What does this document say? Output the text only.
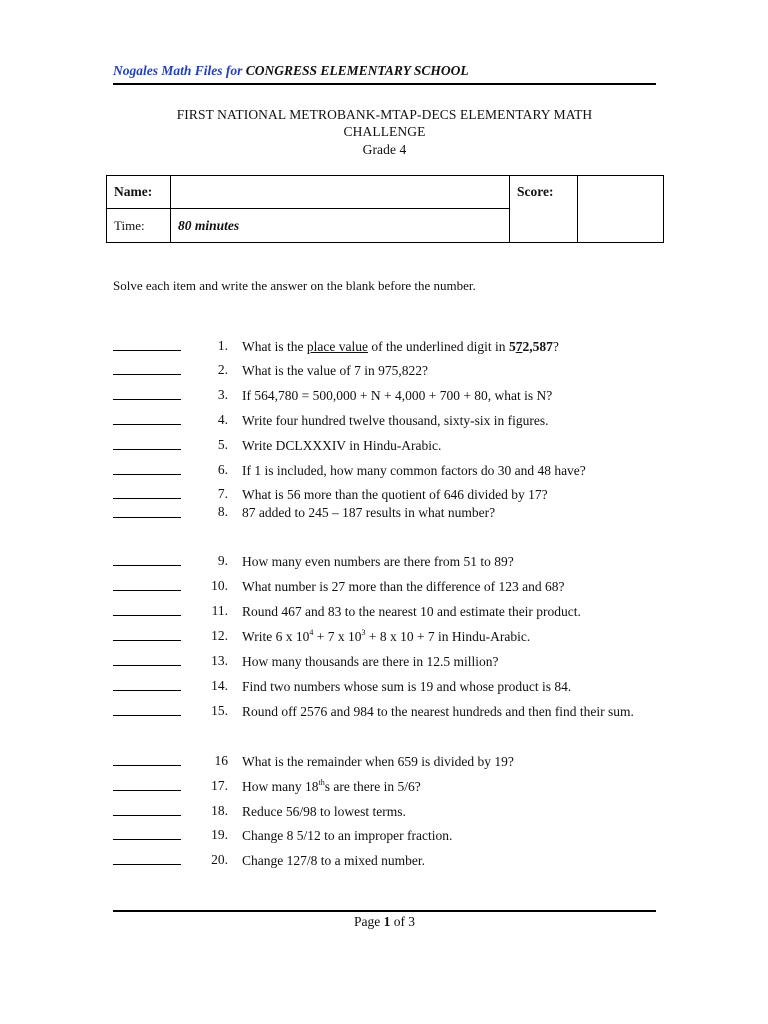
Nogales Math Files for CONGRESS ELEMENTARY SCHOOL
FIRST NATIONAL METROBANK-MTAP-DECS ELEMENTARY MATH
CHALLENGE
Grade 4
Name:		Score:	
Time:	80 minutes		
Solve each item and write the answer on the blank before the number.
1. What is the place value of the underlined digit in 572,587?
2. What is the value of 7 in 975,822?
3. If 564,780 = 500,000 + N + 4,000 + 700 + 80, what is N?
4. Write four hundred twelve thousand, sixty-six in figures.
5. Write DCLXXXIV in Hindu-Arabic.
6. If 1 is included, how many common factors do 30 and 48 have?
7. What is 56 more than the quotient of 646 divided by 17?
8. 87 added to 245 – 187 results in what number?
9. How many even numbers are there from 51 to 89?
10. What number is 27 more than the difference of 123 and 68?
11. Round 467 and 83 to the nearest 10 and estimate their product.
12. Write 6 x $10^4 + 7$ x $10^3 + 8$ x 10 + 7 in Hindu-Arabic.
13. How many thousands are there in 12.5 million?
14. Find two numbers whose sum is 19 and whose product is 84.
15. Round off 2576 and 984 to the nearest hundreds and then find their sum.
16 What is the remainder when 659 is divided by 19?
17. How many 18ths are there in 5/6?
18. Reduce 56/98 to lowest terms.
19. Change 8 5/12 to an improper fraction.
20. Change 127/8 to a mixed number.
Page 1 of 3
